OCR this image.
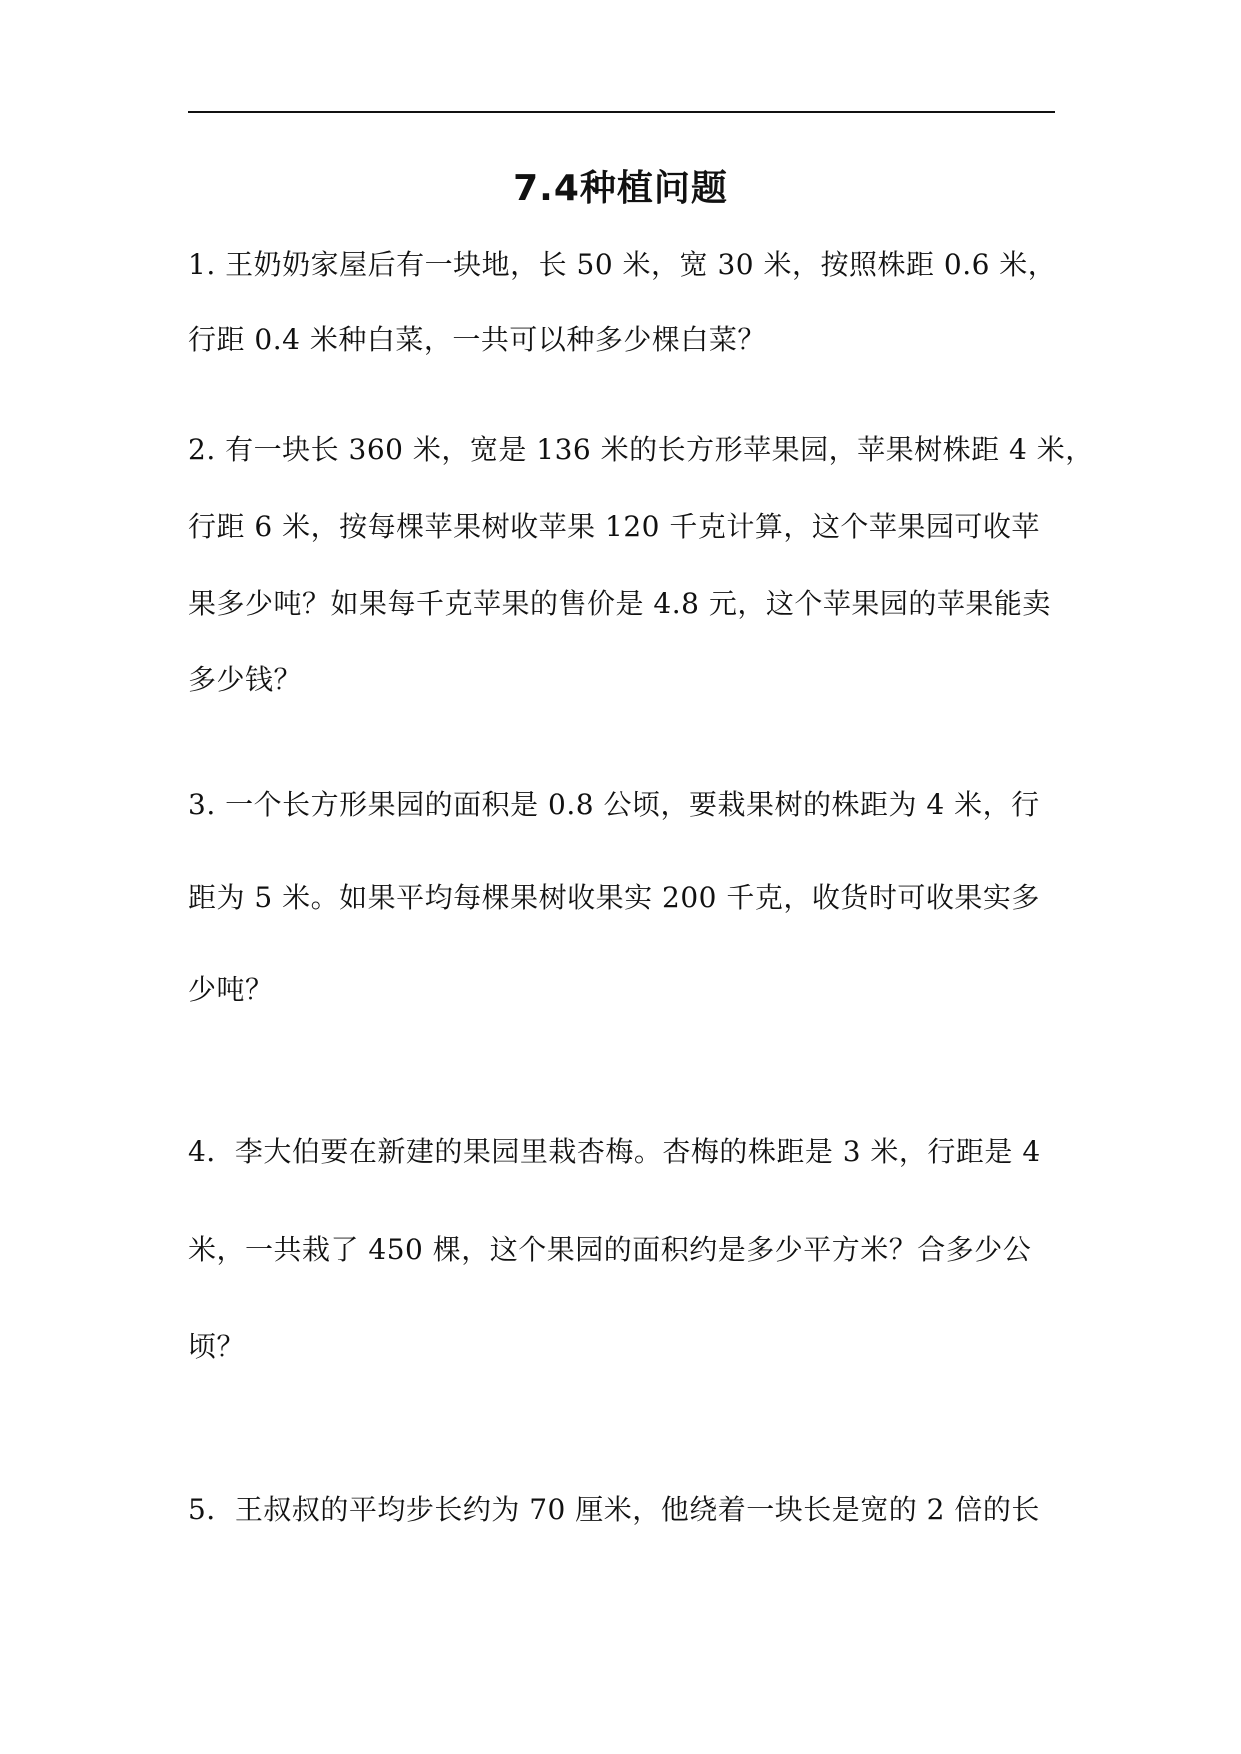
7.4种植问题
1. 王奶奶家屋后有一块地，长 50 米，宽 30 米，按照株距 0.6 米，
行距 0.4 米种白菜，一共可以种多少棵白菜？
2. 有一块长 360 米，宽是 136 米的长方形苹果园，苹果树株距 4 米，
行距 6 米，按每棵苹果树收苹果 120 千克计算，这个苹果园可收苹
果多少吨？如果每千克苹果的售价是 4.8 元，这个苹果园的苹果能卖
多少钱？
3. 一个长方形果园的面积是 0.8 公顷，要栽果树的株距为 4 米，行
距为 5 米。如果平均每棵果树收果实 200 千克，收货时可收果实多
少吨？
4．李大伯要在新建的果园里栽杏梅。杏梅的株距是 3 米，行距是 4
米，一共栽了 450 棵，这个果园的面积约是多少平方米？合多少公
顷？
5．王叔叔的平均步长约为 70 厘米，他绕着一块长是宽的 2 倍的长
